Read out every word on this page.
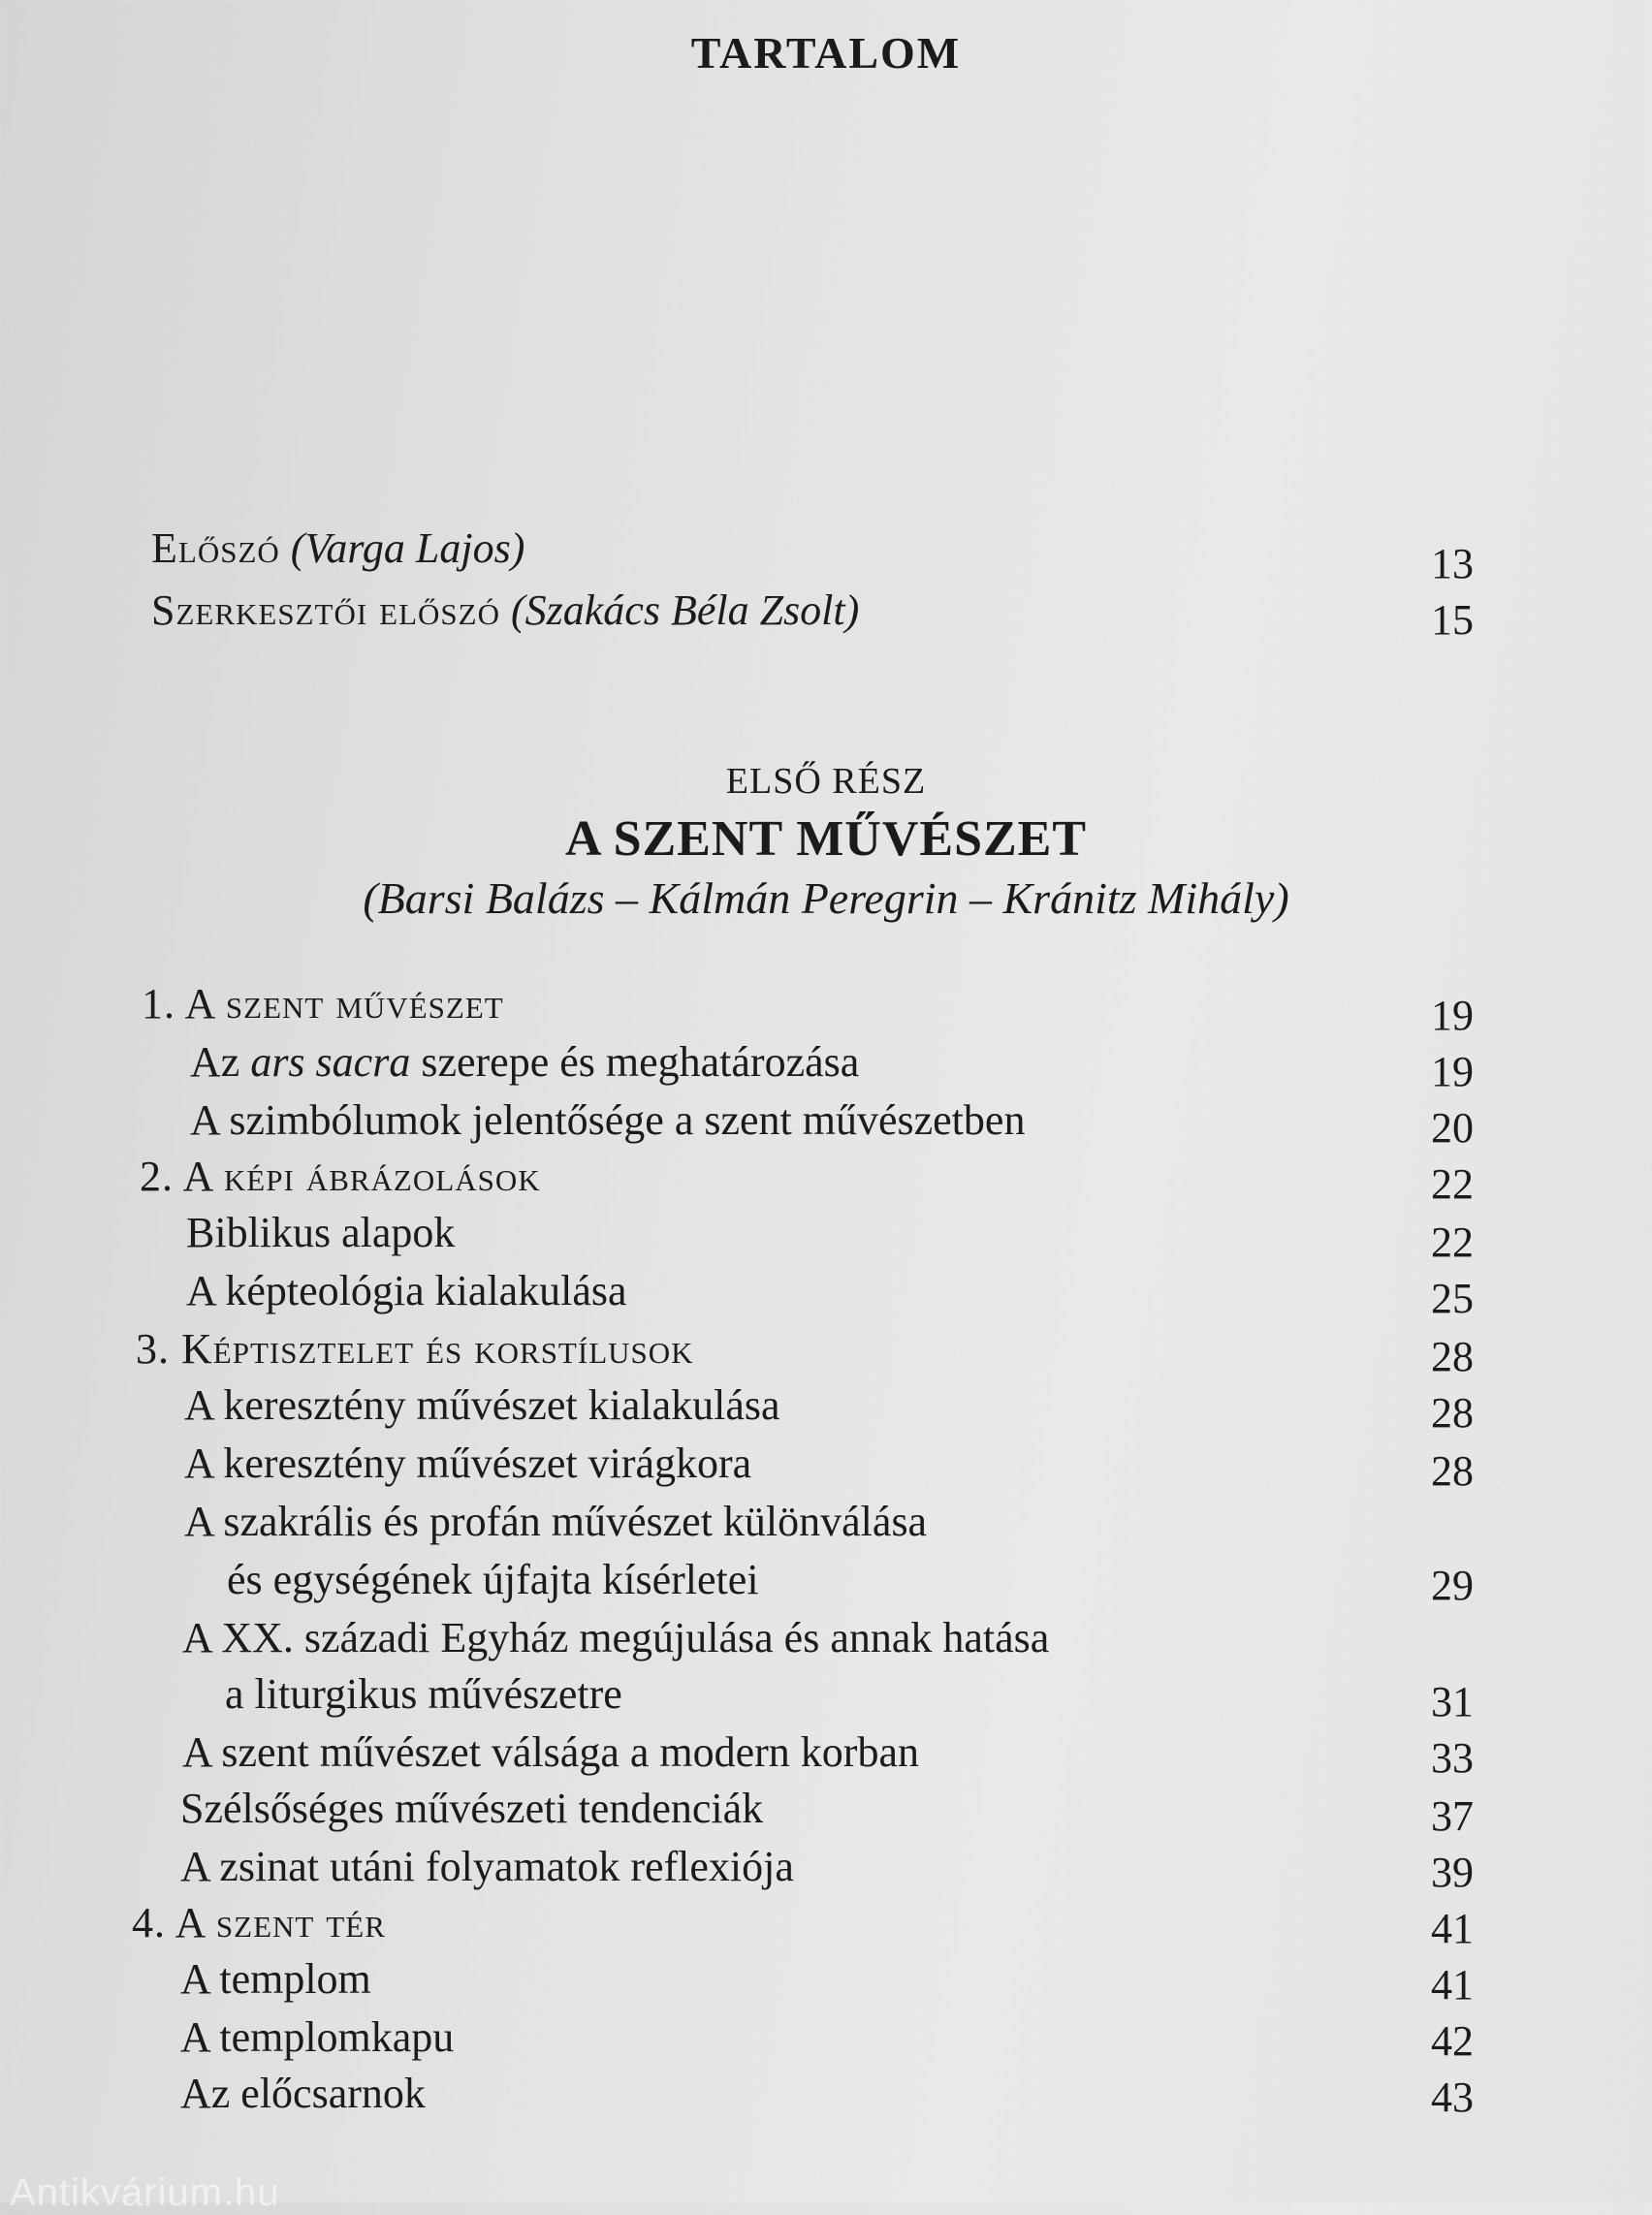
TARTALOM
Előszó (Varga Lajos)	13
Szerkesztői előszó (Szakács Béla Zsolt)	15
ELSŐ RÉSZ
A SZENT MŰVÉSZET
(Barsi Balázs – Kálmán Peregrin – Kránitz Mihály)
1. A szent művészet	19
Az ars sacra szerepe és meghatározása	19
A szimbólumok jelentősége a szent művészetben	20
2. A képi ábrázolások	22
Biblikus alapok	22
A képteológia kialakulása	25
3. Képtisztelet és korstílusok	28
A keresztény művészet kialakulása	28
A keresztény művészet virágkora	28
A szakrális és profán művészet különválása
és egységének újfajta kísérletei	29
A XX. századi Egyház megújulása és annak hatása
a liturgikus művészetre	31
A szent művészet válsága a modern korban	33
Szélsőséges művészeti tendenciák	37
A zsinat utáni folyamatok reflexiója	39
4. A szent tér	41
A templom	41
A templomkapu	42
Az előcsarnok	43
Antikvárium.hu
